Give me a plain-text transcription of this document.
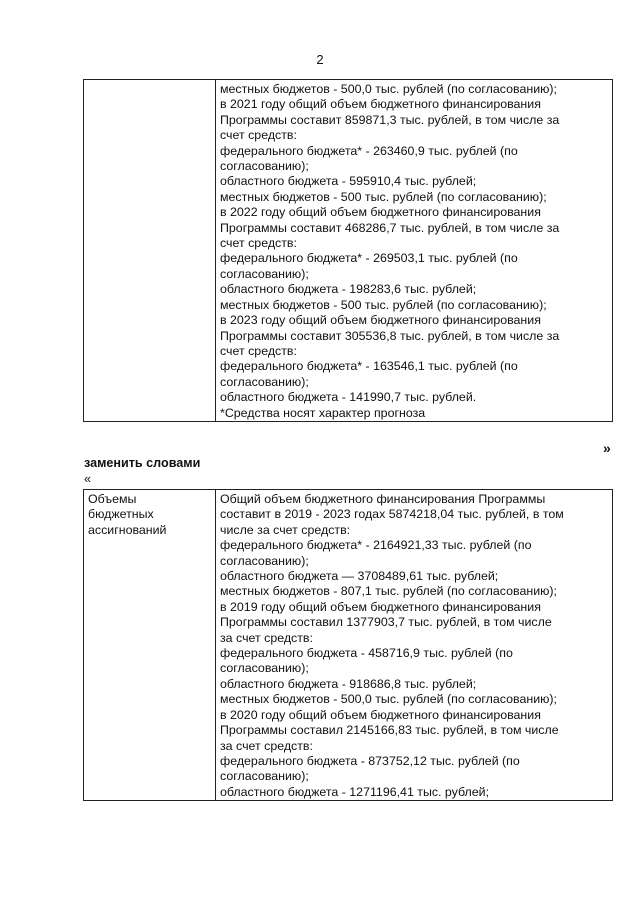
2

местных бюджетов - 500,0 тыс. рублей (по согласованию);
в 2021 году общий объем бюджетного финансирования
Программы составит 859871,3 тыс. рублей, в том числе за
счет средств:
федерального бюджета* - 263460,9 тыс. рублей (по
согласованию);
областного бюджета - 595910,4 тыс. рублей;
местных бюджетов - 500 тыс. рублей (по согласованию);
в 2022 году общий объем бюджетного финансирования
Программы составит 468286,7 тыс. рублей, в том числе за
счет средств:
федерального бюджета* - 269503,1 тыс. рублей (по
согласованию);
областного бюджета - 198283,6 тыс. рублей;
местных бюджетов - 500 тыс. рублей (по согласованию);
в 2023 году общий объем бюджетного финансирования
Программы составит 305536,8 тыс. рублей, в том числе за
счет средств:
федерального бюджета* - 163546,1 тыс. рублей (по
согласованию);
областного бюджета - 141990,7 тыс. рублей.
*Средства носят характер прогноза
»
заменить словами
«
Объемы
бюджетных
ассигнований

Общий объем бюджетного финансирования Программы
составит в 2019 - 2023 годах 5874218,04 тыс. рублей, в том
числе за счет средств:
федерального бюджета* - 2164921,33 тыс. рублей (по
согласованию);
областного бюджета — 3708489,61 тыс. рублей;
местных бюджетов - 807,1 тыс. рублей (по согласованию);
в 2019 году общий объем бюджетного финансирования
Программы составил 1377903,7 тыс. рублей, в том числе
за счет средств:
федерального бюджета - 458716,9 тыс. рублей (по
согласованию);
областного бюджета - 918686,8 тыс. рублей;
местных бюджетов - 500,0 тыс. рублей (по согласованию);
в 2020 году общий объем бюджетного финансирования
Программы составил 2145166,83 тыс. рублей, в том числе
за счет средств:
федерального бюджета - 873752,12 тыс. рублей (по
согласованию);
областного бюджета - 1271196,41 тыс. рублей;
